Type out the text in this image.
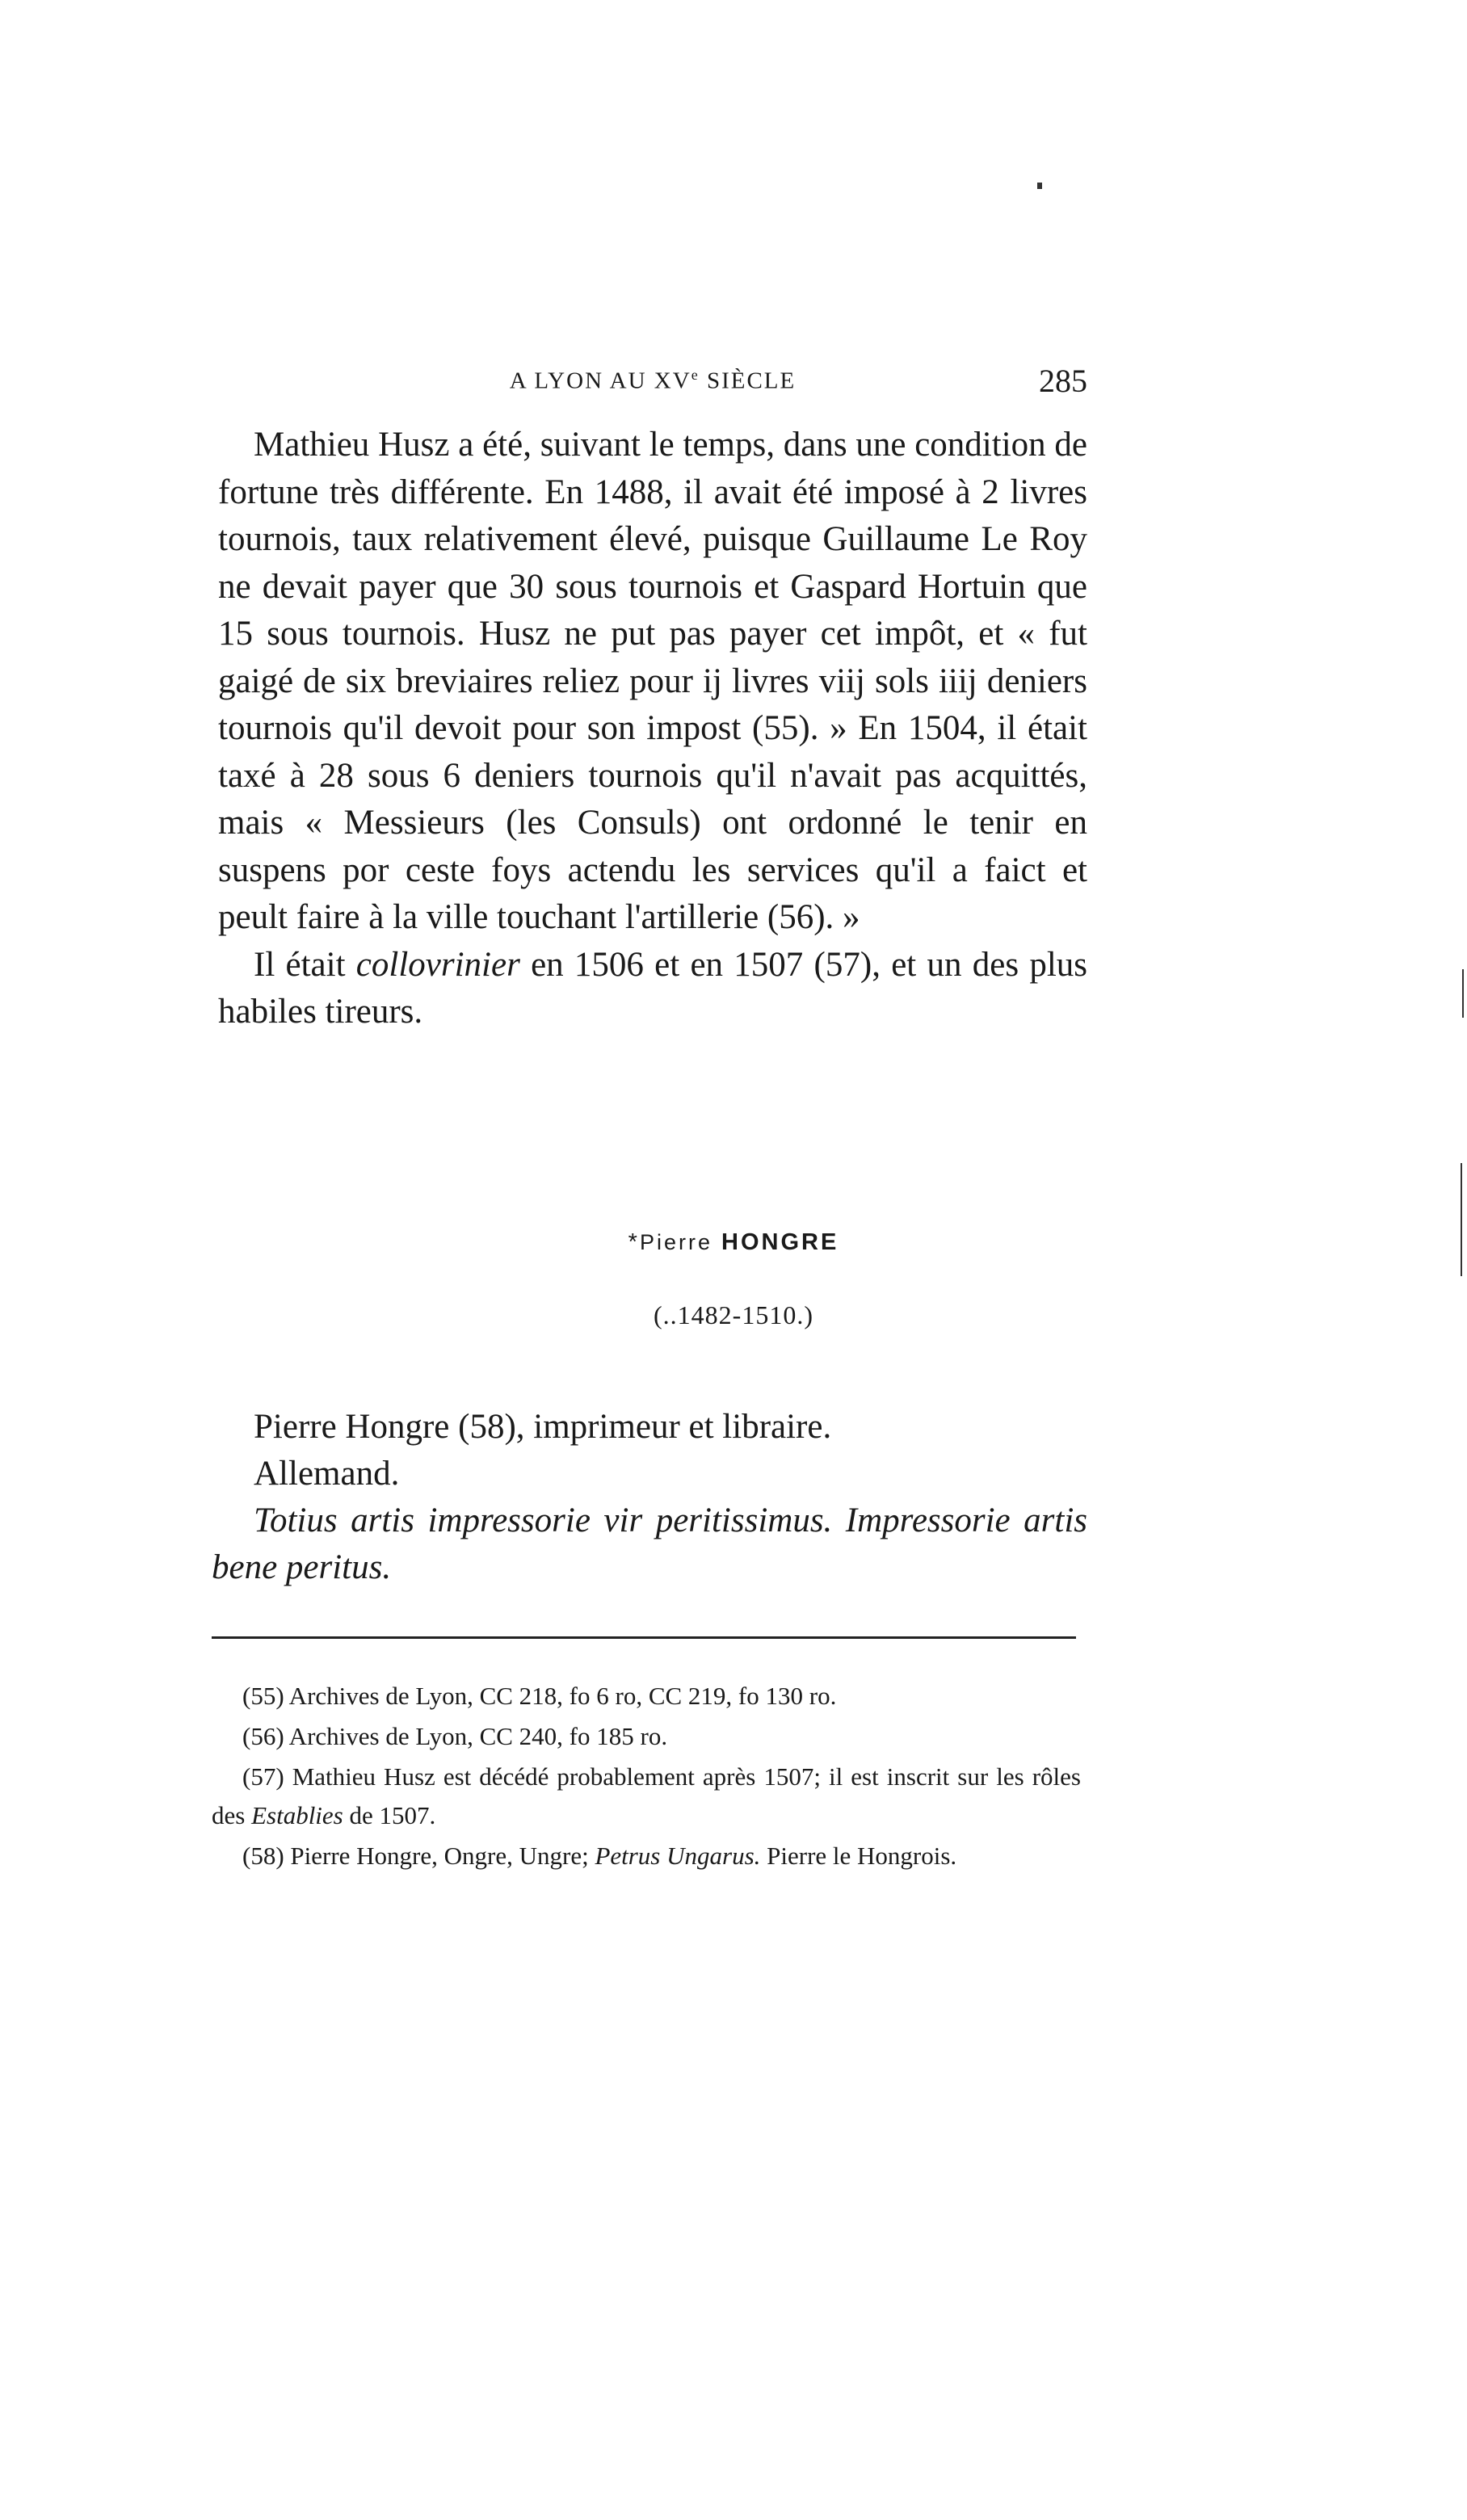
A LYON AU XVe SIÈCLE	285

Mathieu Husz a été, suivant le temps, dans une condition de fortune très différente. En 1488, il avait été imposé à 2 livres tournois, taux relativement élevé, puisque Guillaume Le Roy ne devait payer que 30 sous tournois et Gaspard Hortuin que 15 sous tournois. Husz ne put pas payer cet impôt, et « fut gaigé de six breviaires reliez pour ij livres viij sols iiij deniers tournois qu'il devoit pour son impost (55). » En 1504, il était taxé à 28 sous 6 deniers tournois qu'il n'avait pas acquittés, mais « Messieurs (les Consuls) ont ordonné le tenir en suspens por ceste foys actendu les services qu'il a faict et peult faire à la ville touchant l'artillerie (56). »

Il était collovrinier en 1506 et en 1507 (57), et un des plus habiles tireurs.

*Pierre HONGRE
(..1482-1510.)

Pierre Hongre (58), imprimeur et libraire.

Allemand.

Totius artis impressorie vir peritissimus. Impressorie artis bene peritus.

(55) Archives de Lyon, CC 218, fo 6 ro, CC 219, fo 130 ro.

(56) Archives de Lyon, CC 240, fo 185 ro.

(57) Mathieu Husz est décédé probablement après 1507; il est inscrit sur les rôles des Establies de 1507.

(58) Pierre Hongre, Ongre, Ungre; Petrus Ungarus. Pierre le Hongrois.
